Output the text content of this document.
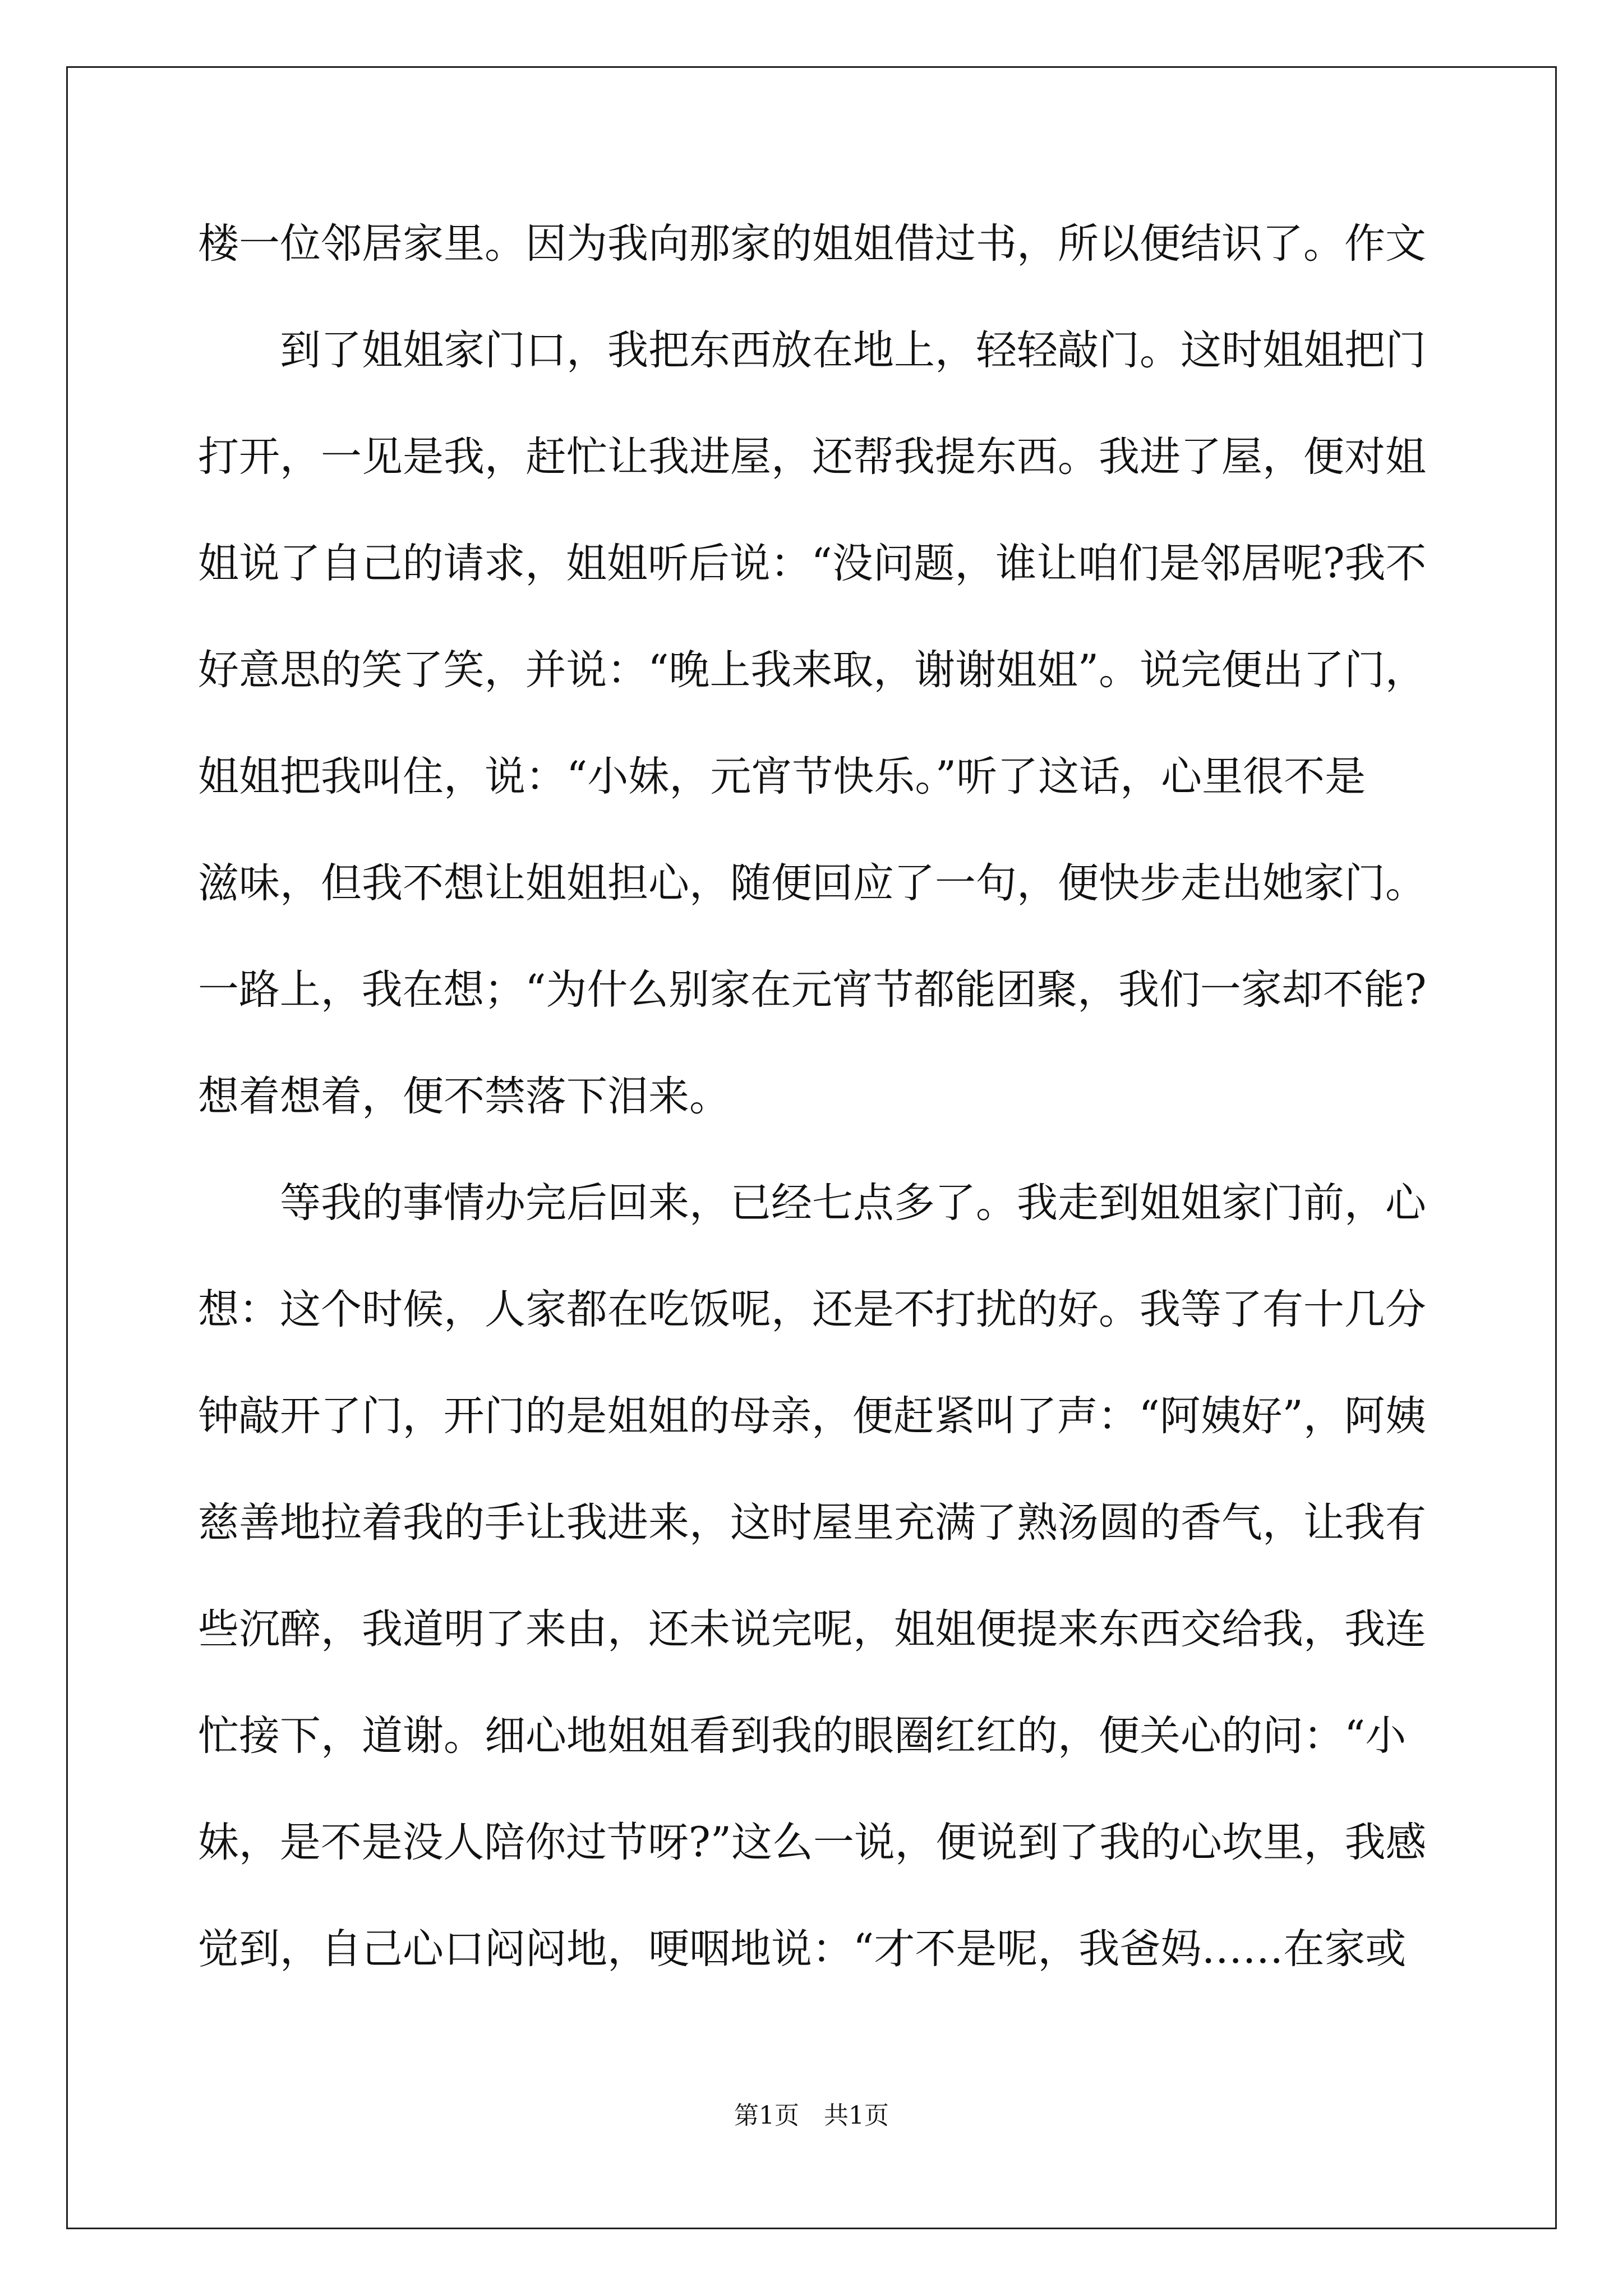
楼一位邻居家里。因为我向那家的姐姐借过书，所以便结识了。作文
　　到了姐姐家门口，我把东西放在地上，轻轻敲门。这时姐姐把门
打开，一见是我，赶忙让我进屋，还帮我提东西。我进了屋，便对姐
姐说了自己的请求，姐姐听后说：“没问题，谁让咱们是邻居呢?我不
好意思的笑了笑，并说：“晚上我来取，谢谢姐姐”。说完便出了门，
姐姐把我叫住，说：“小妹，元宵节快乐。”听了这话，心里很不是
滋味，但我不想让姐姐担心，随便回应了一句，便快步走出她家门。
一路上，我在想；“为什么别家在元宵节都能团聚，我们一家却不能?
想着想着，便不禁落下泪来。
　　等我的事情办完后回来，已经七点多了。我走到姐姐家门前，心
想：这个时候，人家都在吃饭呢，还是不打扰的好。我等了有十几分
钟敲开了门，开门的是姐姐的母亲，便赶紧叫了声：“阿姨好”，阿姨
慈善地拉着我的手让我进来，这时屋里充满了熟汤圆的香气，让我有
些沉醉，我道明了来由，还未说完呢，姐姐便提来东西交给我，我连
忙接下，道谢。细心地姐姐看到我的眼圈红红的，便关心的问：“小
妹，是不是没人陪你过节呀?”这么一说，便说到了我的心坎里，我感
觉到，自己心口闷闷地，哽咽地说：“才不是呢，我爸妈……在家或
第1页　共1页
